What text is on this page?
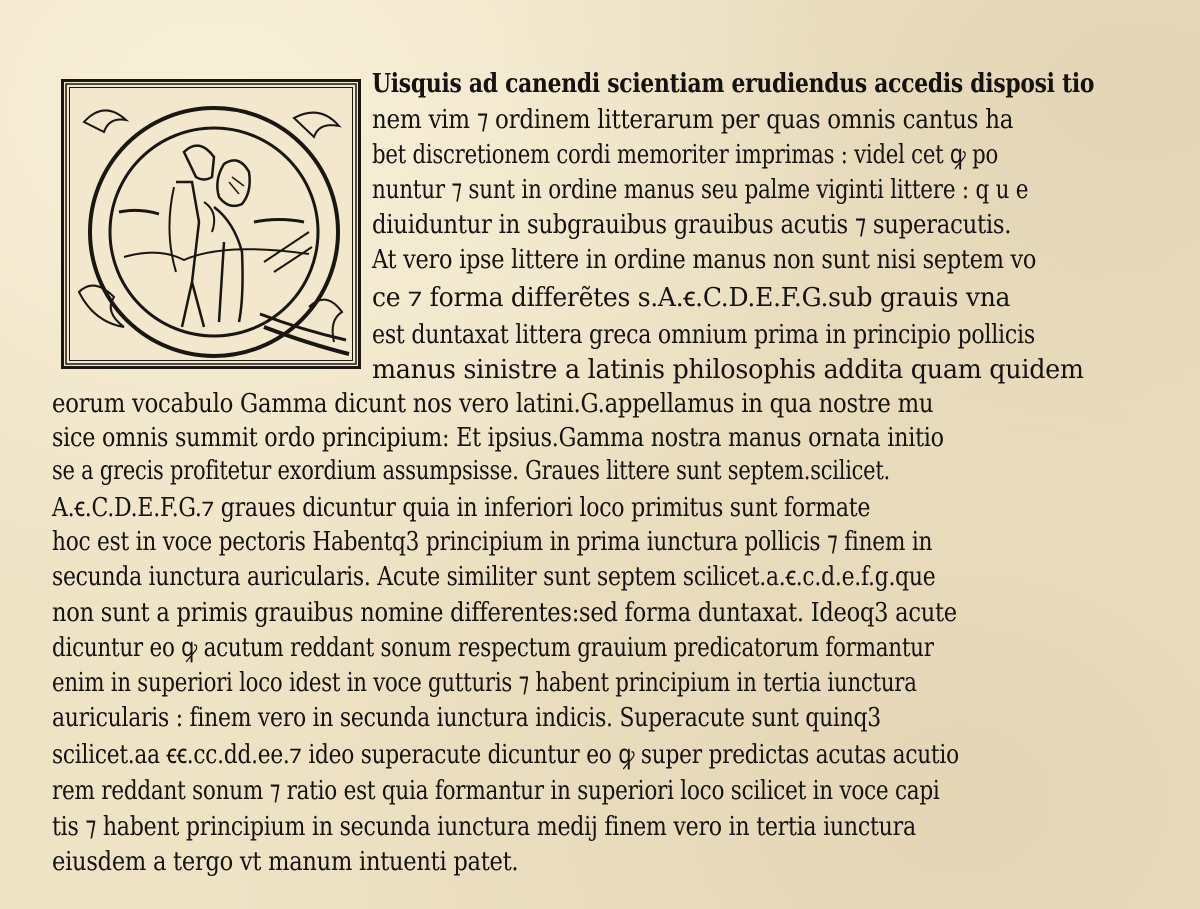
Uisquis ad canendi scientiam erudiendus accedis disposi tio
nem vim ⁊ ordinem litterarum per quas omnis cantus ha
bet discretionem cordi memoriter imprimas : videl cet ꝙ po
nuntur ⁊ sunt in ordine manus seu palme viginti littere : q u e
diuiduntur in subgrauibus grauibus acutis ⁊ superacutis.
At vero ipse littere in ordine manus non sunt nisi septem vo
ce ⁊ forma differẽtes s.A.ꞓ.C.D.E.F.G.sub grauis vna
est duntaxat littera greca omnium prima in principio pollicis
manus sinistre a latinis philosophis addita quam quidem
eorum vocabulo Gamma dicunt nos vero latini.G.appellamus in qua nostre mu
sice omnis summit ordo principium: Et ipsius.Gamma nostra manus ornata initio
se a grecis profitetur exordium assumpsisse. Graues littere sunt septem.scilicet.
A.ꞓ.C.D.E.F.G.⁊ graues dicuntur quia in inferiori loco primitus sunt formate
hoc est in voce pectoris Habentq3 principium in prima iunctura pollicis ⁊ finem in
secunda iunctura auricularis. Acute similiter sunt septem scilicet.a.ꞓ.c.d.e.f.g.que
non sunt a primis grauibus nomine differentes:sed forma duntaxat. Ideoq3 acute
dicuntur eo ꝙ acutum reddant sonum respectum grauium predicatorum formantur
enim in superiori loco idest in voce gutturis ⁊ habent principium in tertia iunctura
auricularis : finem vero in secunda iunctura indicis. Superacute sunt quinq3
scilicet.aa ꞓꞓ.cc.dd.ee.⁊ ideo superacute dicuntur eo ꝙ super predictas acutas acutio
rem reddant sonum ⁊ ratio est quia formantur in superiori loco scilicet in voce capi
tis ⁊ habent principium in secunda iunctura medij finem vero in tertia iunctura
eiusdem a tergo vt manum intuenti patet.
